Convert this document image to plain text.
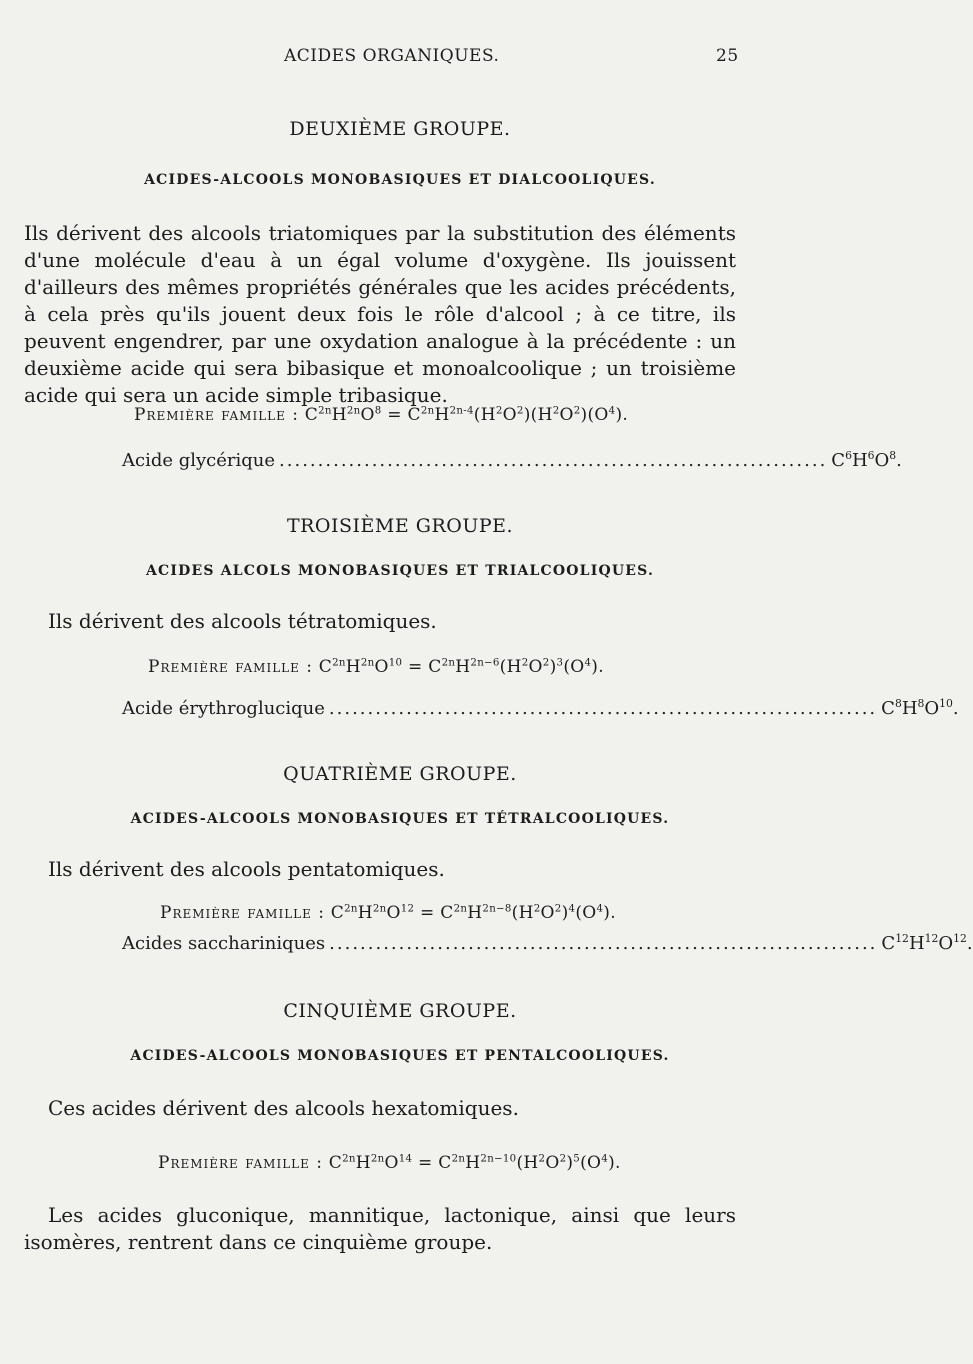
ACIDES ORGANIQUES.	25
DEUXIÈME GROUPE.
ACIDES-ALCOOLS MONOBASIQUES ET DIALCOOLIQUES.
Ils dérivent des alcools triatomiques par la substitution des éléments d'une molécule d'eau à un égal volume d'oxygène. Ils jouissent d'ailleurs des mêmes propriétés générales que les acides précédents, à cela près qu'ils jouent deux fois le rôle d'alcool ; à ce titre, ils peuvent engendrer, par une oxydation analogue à la précédente : un deuxième acide qui sera bibasique et monoalcoolique ; un troisième acide qui sera un acide simple tribasique.
Première famille : $C^{2n}H^{2n}O^8 = C^{2n}H^{2n-4}(H^2O^2)(H^2O^2)(O^4)$.
Acide glycérique ....................................................................... $C^6H^6O^8$.
TROISIÈME GROUPE.
ACIDES ALCOLS MONOBASIQUES ET TRIALCOOLIQUES.
Ils dérivent des alcools tétratomiques.
Première famille : $C^{2n}H^{2n}O^{10} = C^{2n}H^{2n-6}(H^2O^2)^3(O^4)$.
Acide érythroglucique ....................................................................... $C^8H^8O^{10}$.
QUATRIÈME GROUPE.
ACIDES-ALCOOLS MONOBASIQUES ET TÉTRALCOOLIQUES.
Ils dérivent des alcools pentatomiques.
Première famille : $C^{2n}H^{2n}O^{12} = C^{2n}H^{2n-8}(H^2O^2)^4(O^4)$.
Acides sacchariniques ....................................................................... $C^{12}H^{12}O^{12}$.
CINQUIÈME GROUPE.
ACIDES-ALCOOLS MONOBASIQUES ET PENTALCOOLIQUES.
Ces acides dérivent des alcools hexatomiques.
Première famille : $C^{2n}H^{2n}O^{14} = C^{2n}H^{2n-10}(H^2O^2)^5(O^4)$.
Les acides gluconique, mannitique, lactonique, ainsi que leurs isomères, rentrent dans ce cinquième groupe.
